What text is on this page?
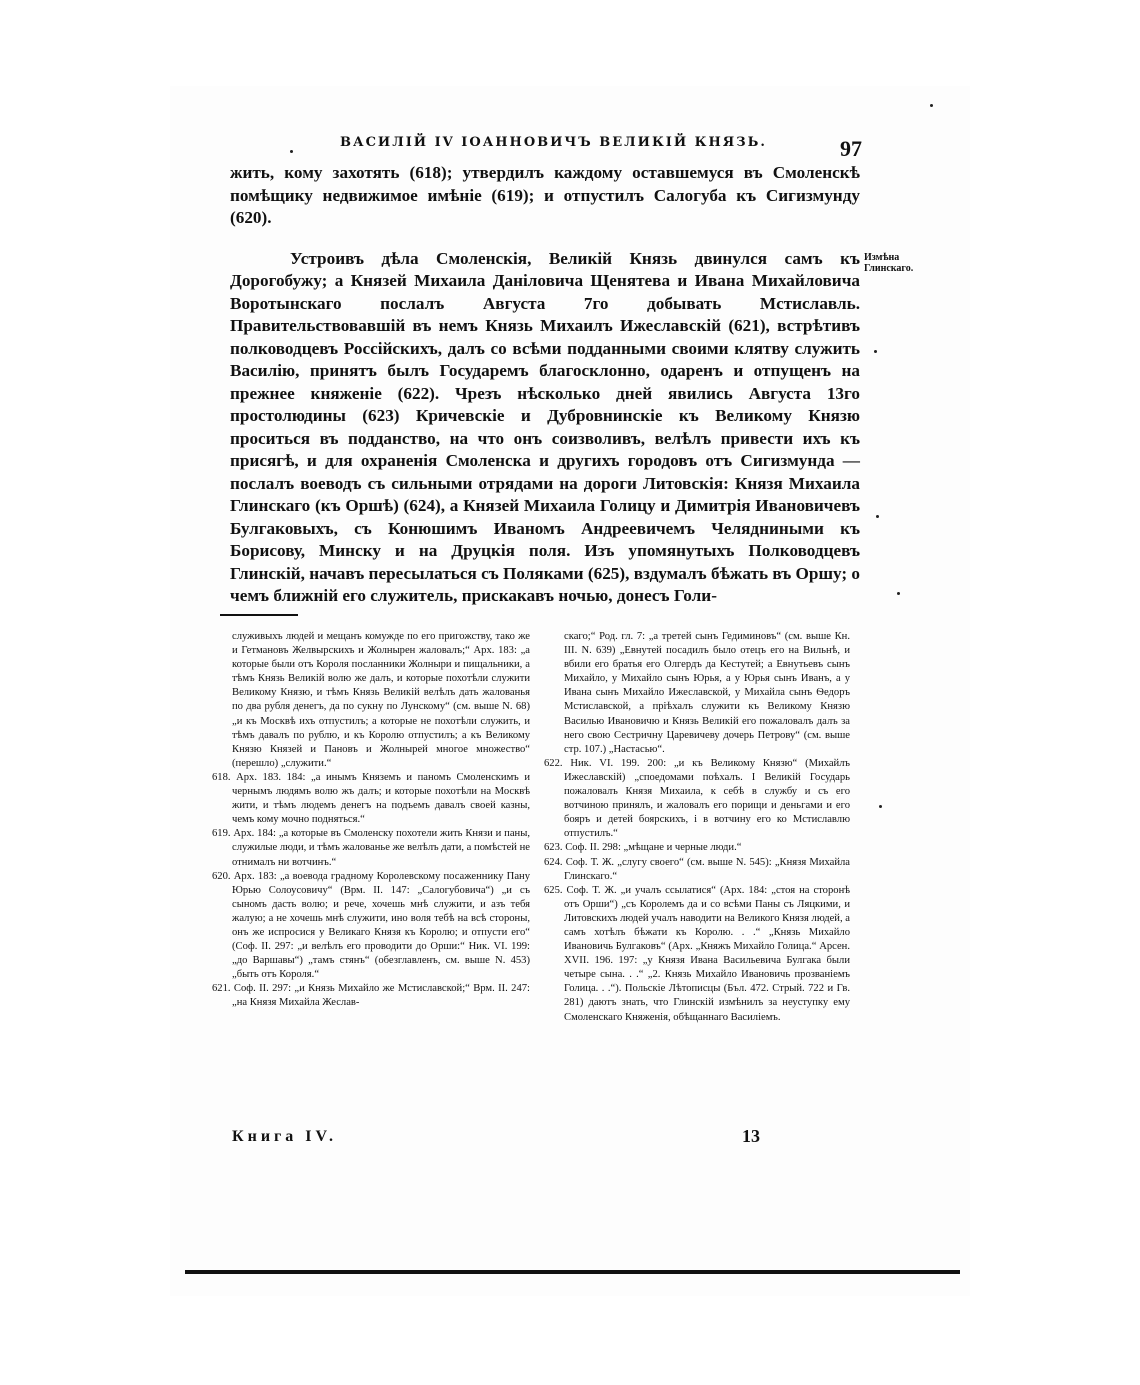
ВАСИЛІЙ IV ІОАННОВИЧЪ ВЕЛИКІЙ КНЯЗЬ.	97

жить, кому захотять (618); утвердилъ каждому оставшемуся въ Смоленскѣ помѣщику недвижимое имѣніе (619); и отпустилъ Салогуба къ Сигизмунду (620).

Устроивъ дѣла Смоленскія, Великій Князь двинулся самъ къ Дорогобужу; а Князей Михаила Даніловича Щенятева и Ивана Михайловича Воротынскаго послалъ Августа 7го добывать Мстиславль. Правительствовавшій въ немъ Князь Михаилъ Ижеславскій (621), встрѣтивъ полководцевъ Россійскихъ, далъ со всѣми подданными своими клятву служить Василію, принятъ былъ Государемъ благосклонно, одаренъ и отпущенъ на прежнее княженіе (622). Чрезъ нѣсколько дней явились Августа 13го простолюдины (623) Кричевскіе и Дубровнинскіе къ Великому Князю проситься въ подданство, на что онъ соизволивъ, велѣлъ привести ихъ къ присягѣ, и для охраненія Смоленска и другихъ городовъ отъ Сигизмунда — послалъ воеводъ съ сильными отрядами на дороги Литовскія: Князя Михаила Глинскаго (къ Оршѣ) (624), а Князей Михаила Голицу и Димитрія Ивановичевъ Булгаковыхъ, съ Конюшимъ Иваномъ Андреевичемъ Челядниными къ Борисову, Минску и на Друцкія поля. Изъ упомянутыхъ Полководцевъ Глинскій, начавъ пересылаться съ Поляками (625), вздумалъ бѣжать въ Оршу; о чемъ ближній его служитель, прискакавъ ночью, донесъ Голи-

Измѣна Глинскаго.

служивыхъ людей и мещанъ комужде по его пригожству, тако же и Гетмановъ Желвырскихъ и Жолнырен жаловалъ;“ Арх. 183: „а которые были отъ Короля посланники Жолныри и пищальники, а тѣмъ Князь Великій волю же далъ, и которые похотѣли служити Великому Князю, и тѣмъ Князь Великій велѣлъ дать жалованья по два рубля денегъ, да по сукну по Лунскому“ (см. выше N. 68) „и къ Москвѣ ихъ отпустилъ; а которые не похотѣли служить, и тѣмъ давалъ по рублю, и къ Королю отпустилъ; а къ Великому Князю Князей и Пановъ и Жолнырей многое множество“ (перешло) „служити.“

618. Арх. 183. 184: „а инымъ Княземъ и паномъ Смоленскимъ и чернымъ людямъ волю жъ далъ; и которые похотѣли на Москвѣ жити, и тѣмъ людемъ денегъ на подъемъ давалъ своей казны, чемъ кому мочно подняться.“

619. Арх. 184: „а которые въ Смоленску похотели жить Князи и паны, служилые люди, и тѣмъ жалованье же велѣлъ дати, а помѣстей не отнималъ ни вотчинъ.“

620. Арх. 183: „а воевода градному Королевскому посаженнику Пану Юрью Солоусовичу“ (Врм. II. 147: „Салогубовича“) „и съ сыномъ дасть волю; и рече, хочешь мнѣ служити, и азъ тебя жалую; а не хочешь мнѣ служити, ино воля тебѣ на всѣ стороны, онъ же испросися у Великаго Князя къ Королю; и отпусти его“ (Соф. II. 297: „и велѣлъ его проводити до Орши:“ Ник. VI. 199: „до Варшавы“) „тамъ стянъ“ (обезглавленъ, см. выше N. 453) „быть отъ Короля.“

621. Соф. II. 297: „и Князь Михайло же Мстиславской;“ Врм. II. 247: „на Князя Михайла Жеслав-

скаго;“ Род. гл. 7: „а третей сынъ Гедиминовъ“ (см. выше Кн. III. N. 639) „Евнутей посадилъ было отецъ его на Вильнѣ, и вбили его братья его Олгердъ да Кестутей; а Евнутьевъ сынъ Михайло, у Михайло сынъ Юрья, а у Юрья сынъ Иванъ, а у Ивана сынъ Михайло Ижеславской, у Михайла сынъ Ѳедоръ Мстиславской, а пріѣхалъ служити къ Великому Князю Василью Ивановичю и Князь Великій его пожаловалъ далъ за него свою Сестричну Царевичеву дочерь Петрову“ (см. выше стр. 107.) „Настасью“.

622. Ник. VI. 199. 200: „и къ Великому Князю“ (Михайлъ Ижеславскій) „споедомами поѣхалъ. I Великій Государь пожаловалъ Князя Михаила, к себѣ в службу и съ его вотчиною принялъ, и жаловалъ его порищи и деньгами и его бояръ и детей боярскихъ, і в вотчину его ко Мстиславлю отпустилъ.“

623. Соф. II. 298: „мѣщане и черные люди.“

624. Соф. Т. Ж. „слугу своего“ (см. выше N. 545): „Князя Михайла Глинскаго.“

625. Соф. Т. Ж. „и учалъ ссылатися“ (Арх. 184: „стоя на сторонѣ отъ Орши“) „съ Королемъ да и со всѣми Паны съ Ляцкими, и Литовскихъ людей учалъ наводити на Великого Князя людей, а самъ хотѣлъ бѣжати къ Королю. . .“ „Князь Михайло Ивановичь Булгаковъ“ (Арх. „Княжъ Михайло Голица.“ Арсен. XVII. 196. 197: „у Князя Ивана Васильевича Булгака были четыре сына. . .“ „2. Князь Михайло Ивановичь прозваніемъ Голица. . .“). Польскіе Лѣтописцы (Бъл. 472. Стрый. 722 и Гв. 281) даютъ знать, что Глинскій измѣнилъ за неуступку ему Смоленскаго Княженія, обѣщаннаго Василіемъ.

Книга IV.	13
